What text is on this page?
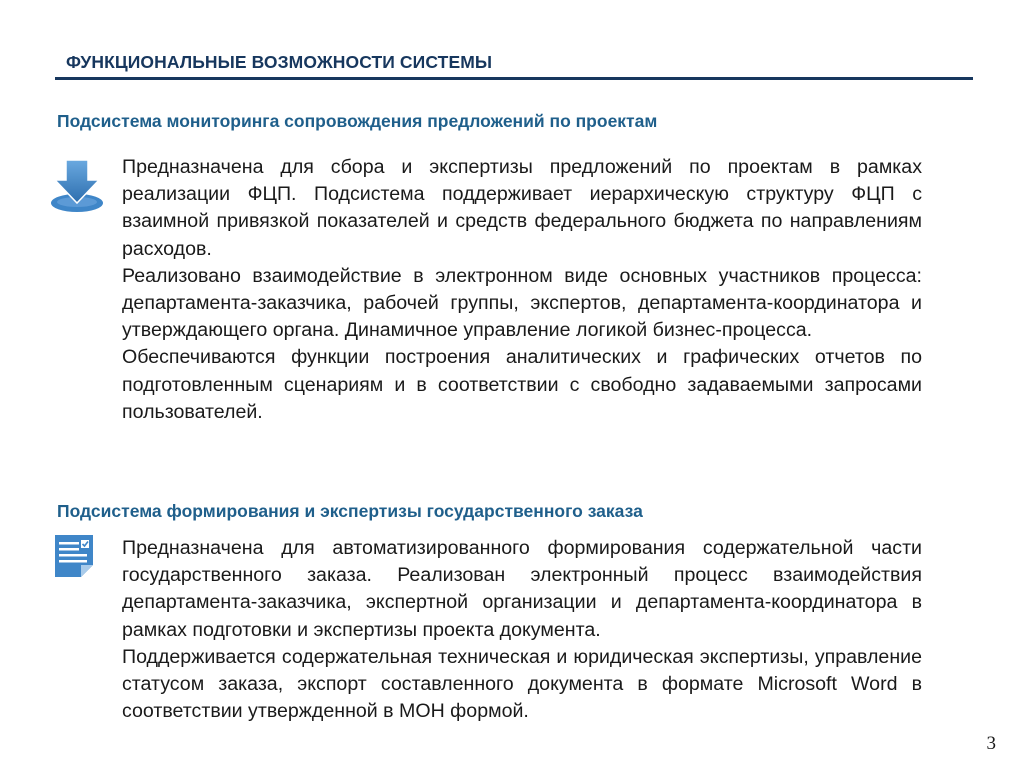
ФУНКЦИОНАЛЬНЫЕ ВОЗМОЖНОСТИ СИСТЕМЫ
Подсистема мониторинга сопровождения предложений по проектам

Предназначена для сбора и экспертизы предложений по проектам в рамках реализации ФЦП. Подсистема поддерживает иерархическую структуру ФЦП с взаимной привязкой показателей и средств федерального бюджета по направлениям расходов.

Реализовано взаимодействие в электронном виде основных участников процесса: департамента-заказчика, рабочей группы, экспертов, департамента-координатора и утверждающего органа. Динамичное управление логикой бизнес-процесса.

Обеспечиваются функции построения аналитических и графических отчетов по подготовленным сценариям и в соответствии с свободно задаваемыми запросами пользователей.

Подсистема формирования и экспертизы государственного заказа

Предназначена для автоматизированного формирования содержательной части государственного заказа. Реализован электронный процесс взаимодействия департамента-заказчика, экспертной организации и департамента-координатора в рамках подготовки и экспертизы проекта документа.

Поддерживается содержательная техническая и юридическая экспертизы, управление статусом заказа, экспорт составленного документа в формате Microsoft Word в соответствии утвержденной в МОН формой.

3
